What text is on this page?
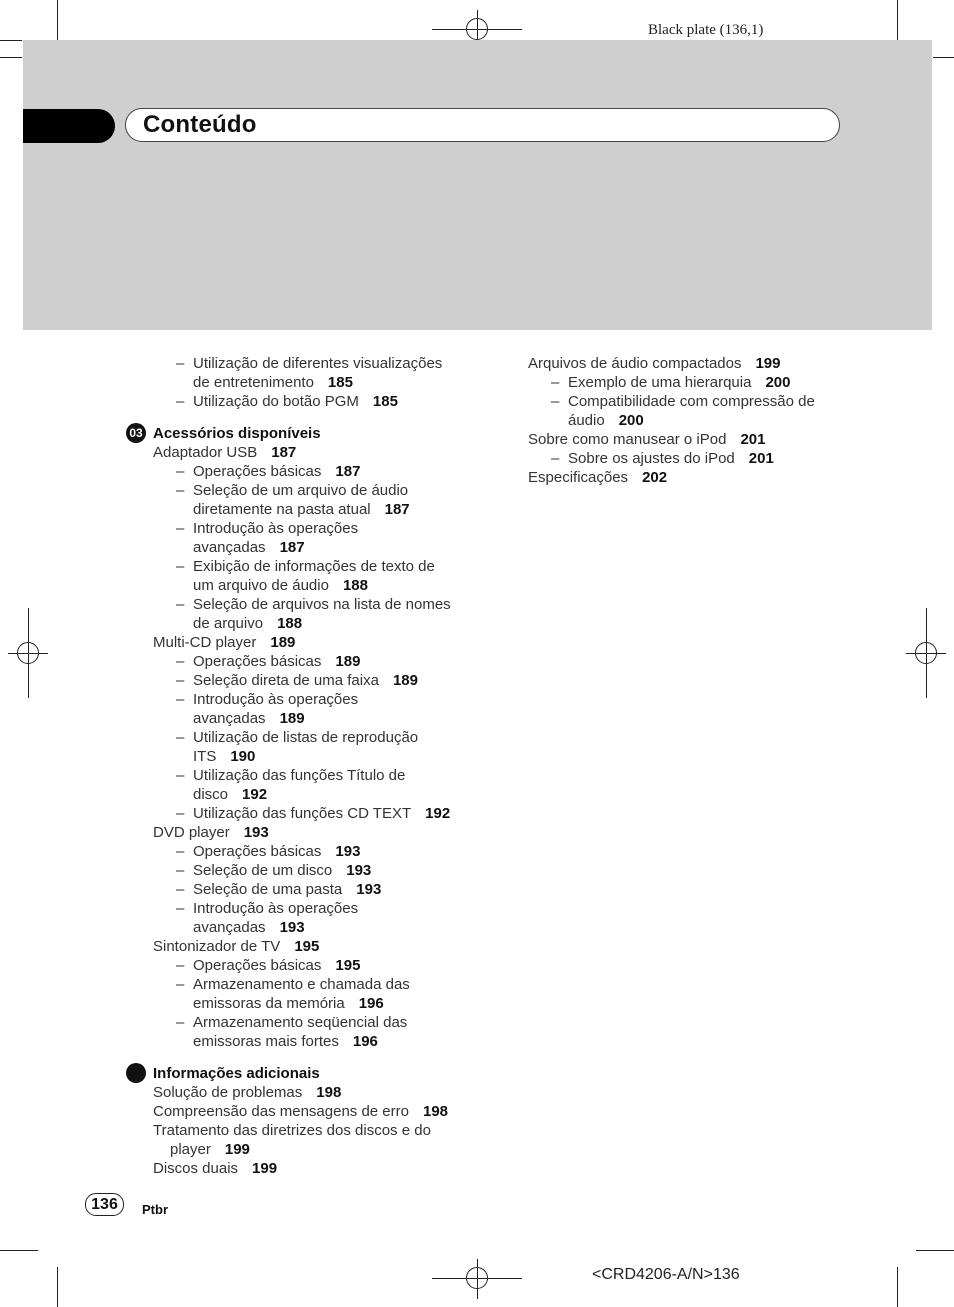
Black plate (136,1)
Conteúdo
– Utilização de diferentes visualizações
de entretenimento 185
– Utilização do botão PGM 185
03 Acessórios disponíveis
Adaptador USB 187
– Operações básicas 187
– Seleção de um arquivo de áudio
diretamente na pasta atual 187
– Introdução às operações
avançadas 187
– Exibição de informações de texto de
um arquivo de áudio 188
– Seleção de arquivos na lista de nomes
de arquivo 188
Multi-CD player 189
– Operações básicas 189
– Seleção direta de uma faixa 189
– Introdução às operações
avançadas 189
– Utilização de listas de reprodução
ITS 190
– Utilização das funções Título de
disco 192
– Utilização das funções CD TEXT 192
DVD player 193
– Operações básicas 193
– Seleção de um disco 193
– Seleção de uma pasta 193
– Introdução às operações
avançadas 193
Sintonizador de TV 195
– Operações básicas 195
– Armazenamento e chamada das
emissoras da memória 196
– Armazenamento seqüencial das
emissoras mais fortes 196
Informações adicionais
Solução de problemas 198
Compreensão das mensagens de erro 198
Tratamento das diretrizes dos discos e do
player 199
Discos duais 199
Arquivos de áudio compactados 199
– Exemplo de uma hierarquia 200
– Compatibilidade com compressão de
áudio 200
Sobre como manusear o iPod 201
– Sobre os ajustes do iPod 201
Especificações 202
136	Ptbr
<CRD4206-A/N>136
